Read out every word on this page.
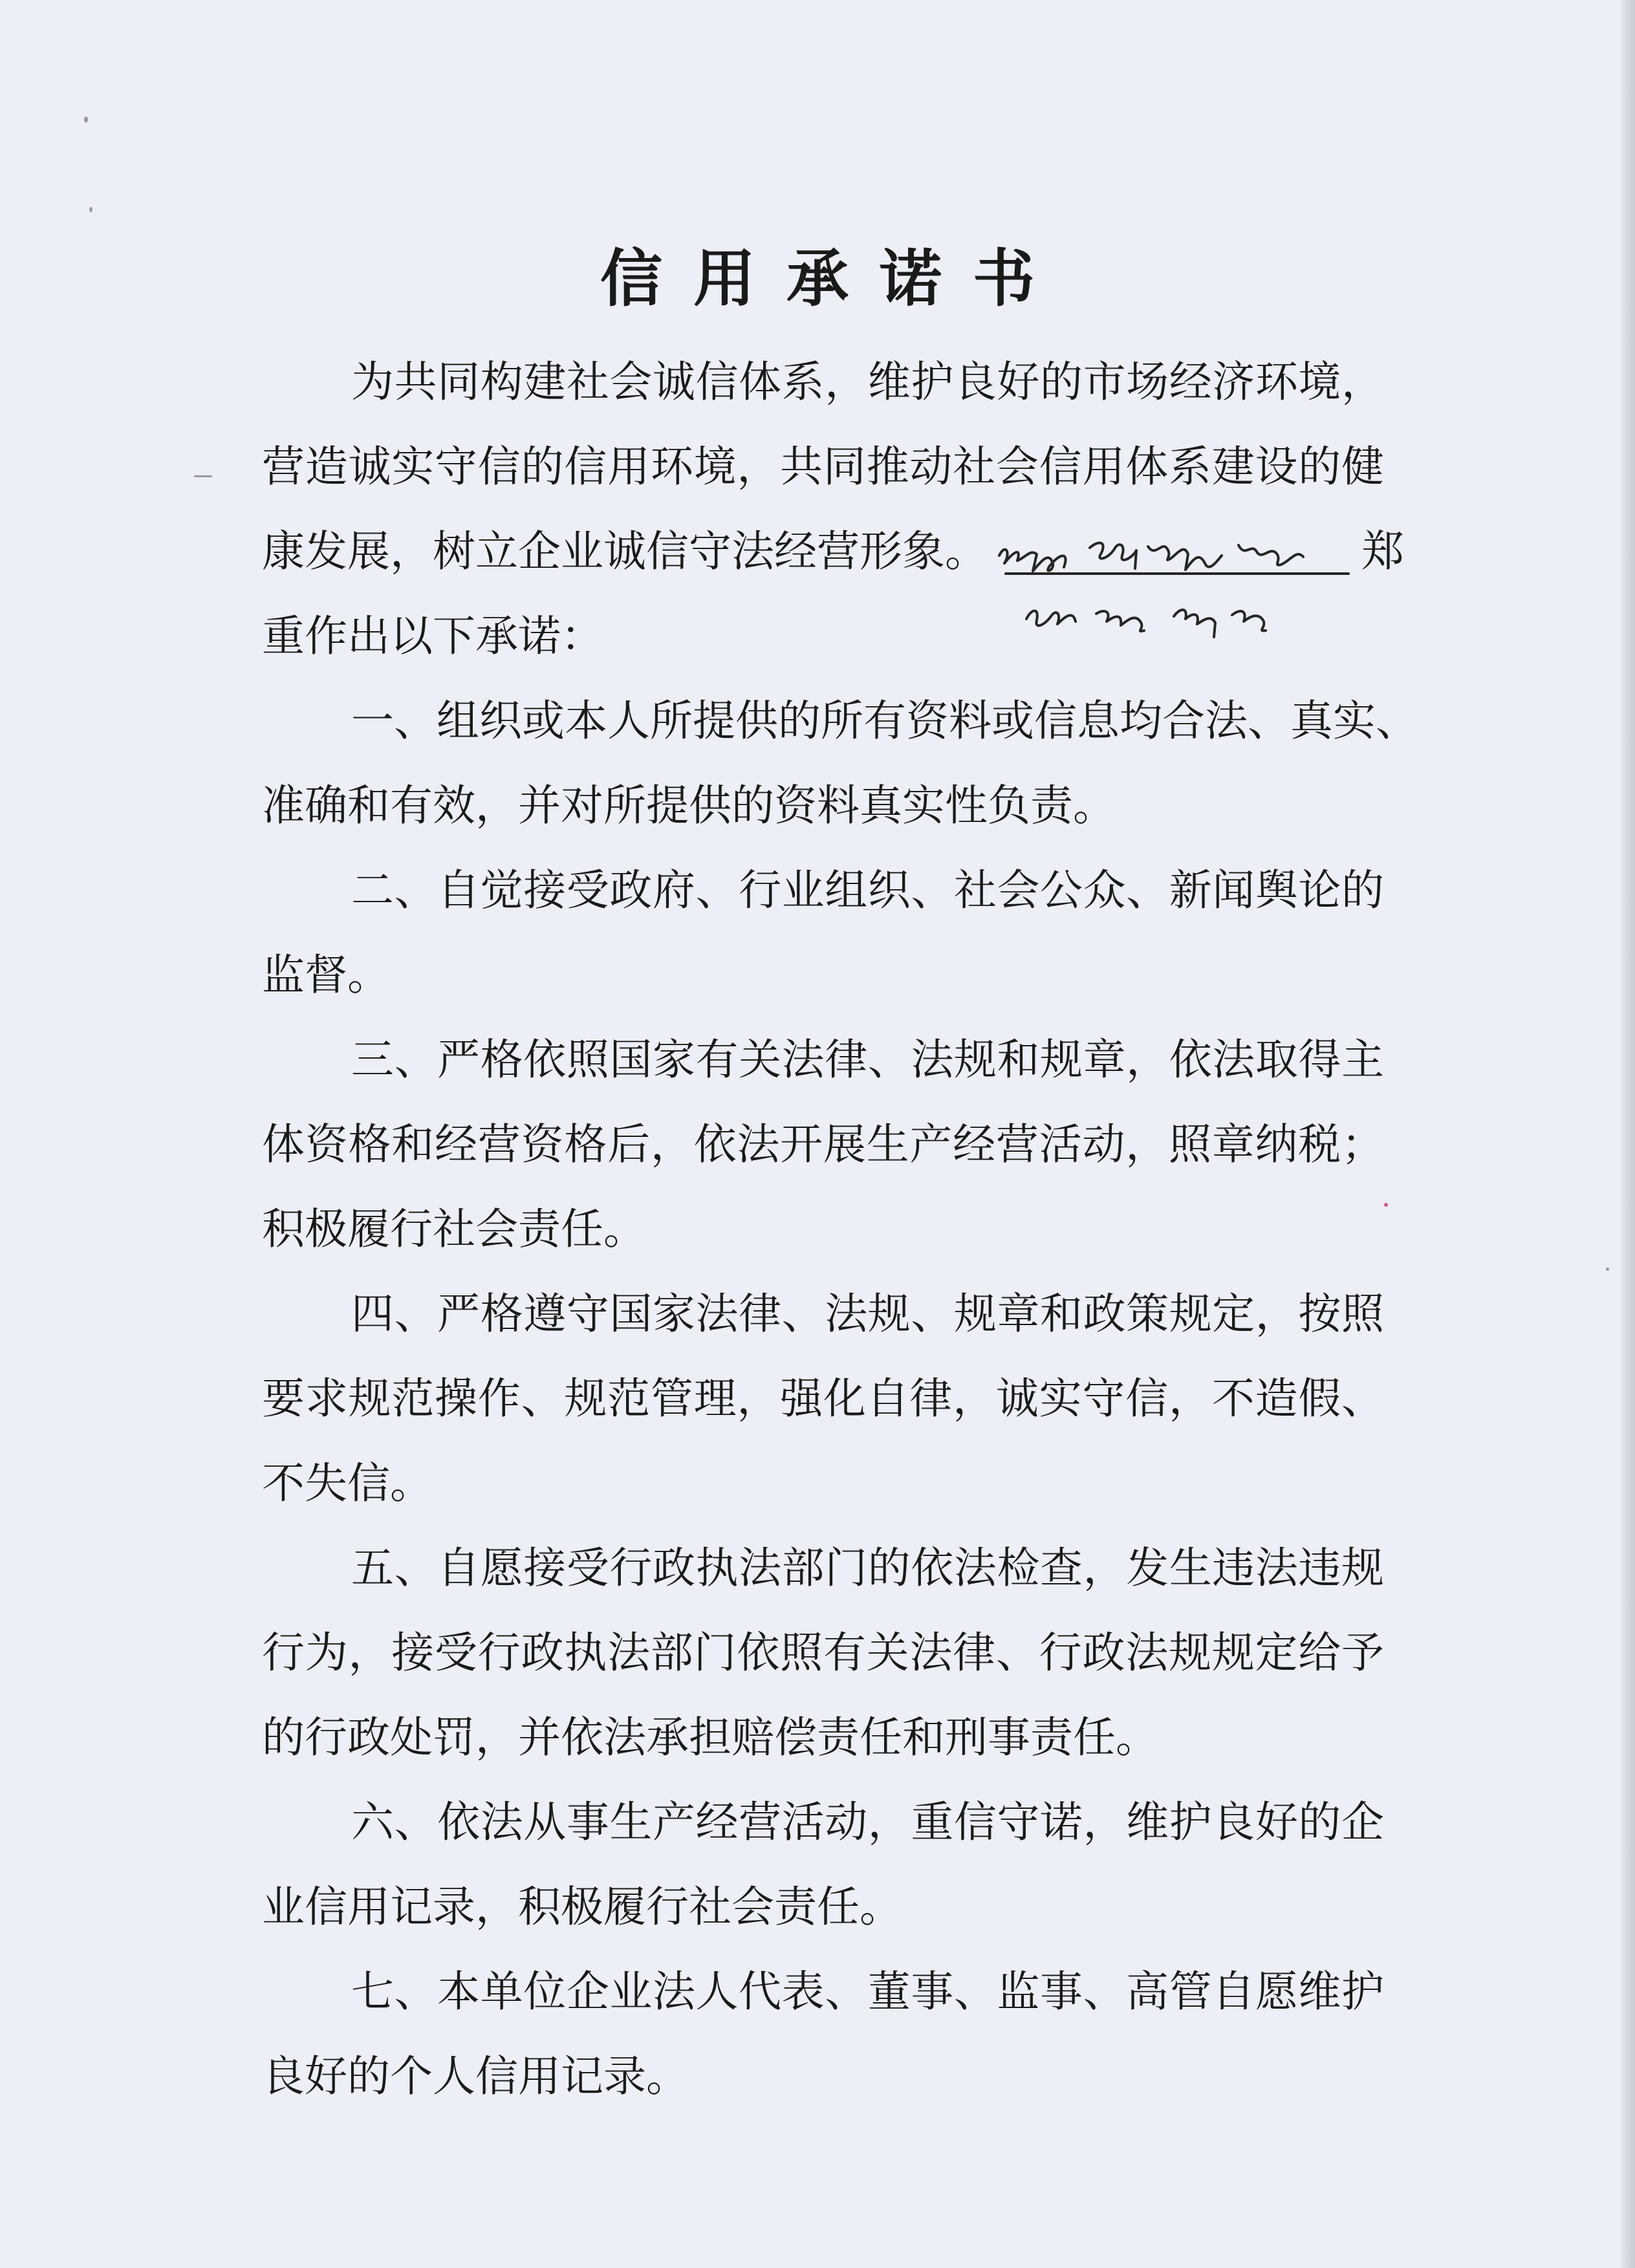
信用承诺书
为共同构建社会诚信体系，维护良好的市场经济环境，
营造诚实守信的信用环境，共同推动社会信用体系建设的健
康发展，树立企业诚信守法经营形象。	郑
重作出以下承诺：
一、组织或本人所提供的所有资料或信息均合法、真实、
准确和有效，并对所提供的资料真实性负责。
二、自觉接受政府、行业组织、社会公众、新闻舆论的
监督。
三、严格依照国家有关法律、法规和规章，依法取得主
体资格和经营资格后，依法开展生产经营活动，照章纳税；
积极履行社会责任。
四、严格遵守国家法律、法规、规章和政策规定，按照
要求规范操作、规范管理，强化自律，诚实守信，不造假、
不失信。
五、自愿接受行政执法部门的依法检查，发生违法违规
行为，接受行政执法部门依照有关法律、行政法规规定给予
的行政处罚，并依法承担赔偿责任和刑事责任。
六、依法从事生产经营活动，重信守诺，维护良好的企
业信用记录，积极履行社会责任。
七、本单位企业法人代表、董事、监事、高管自愿维护
良好的个人信用记录。
